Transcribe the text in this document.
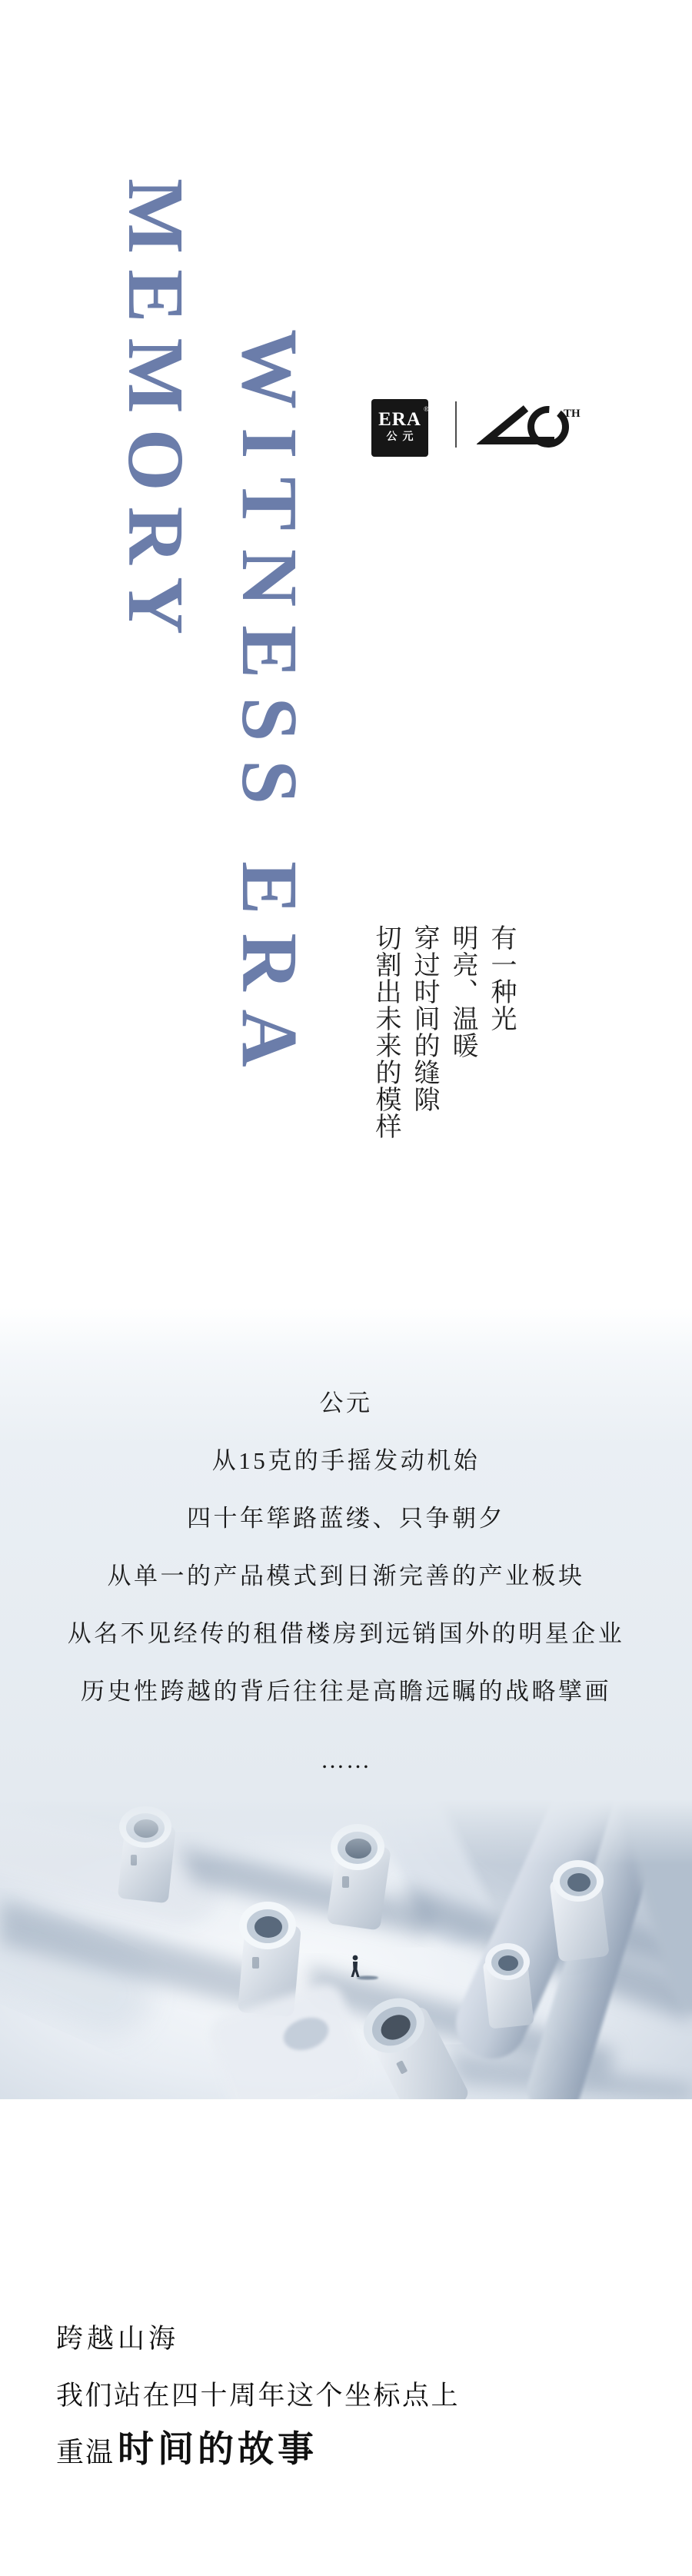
MEMORY WITNESS ERA	ERA ®
公元
TH
有一种光
明亮、温暖
穿过时间的缝隙
切割出未来的模样
公元
从15克的手摇发动机始
四十年筚路蓝缕、只争朝夕
从单一的产品模式到日渐完善的产业板块
从名不见经传的租借楼房到远销国外的明星企业
历史性跨越的背后往往是高瞻远瞩的战略擘画
……
跨越山海
我们站在四十周年这个坐标点上
重温 时间的故事
